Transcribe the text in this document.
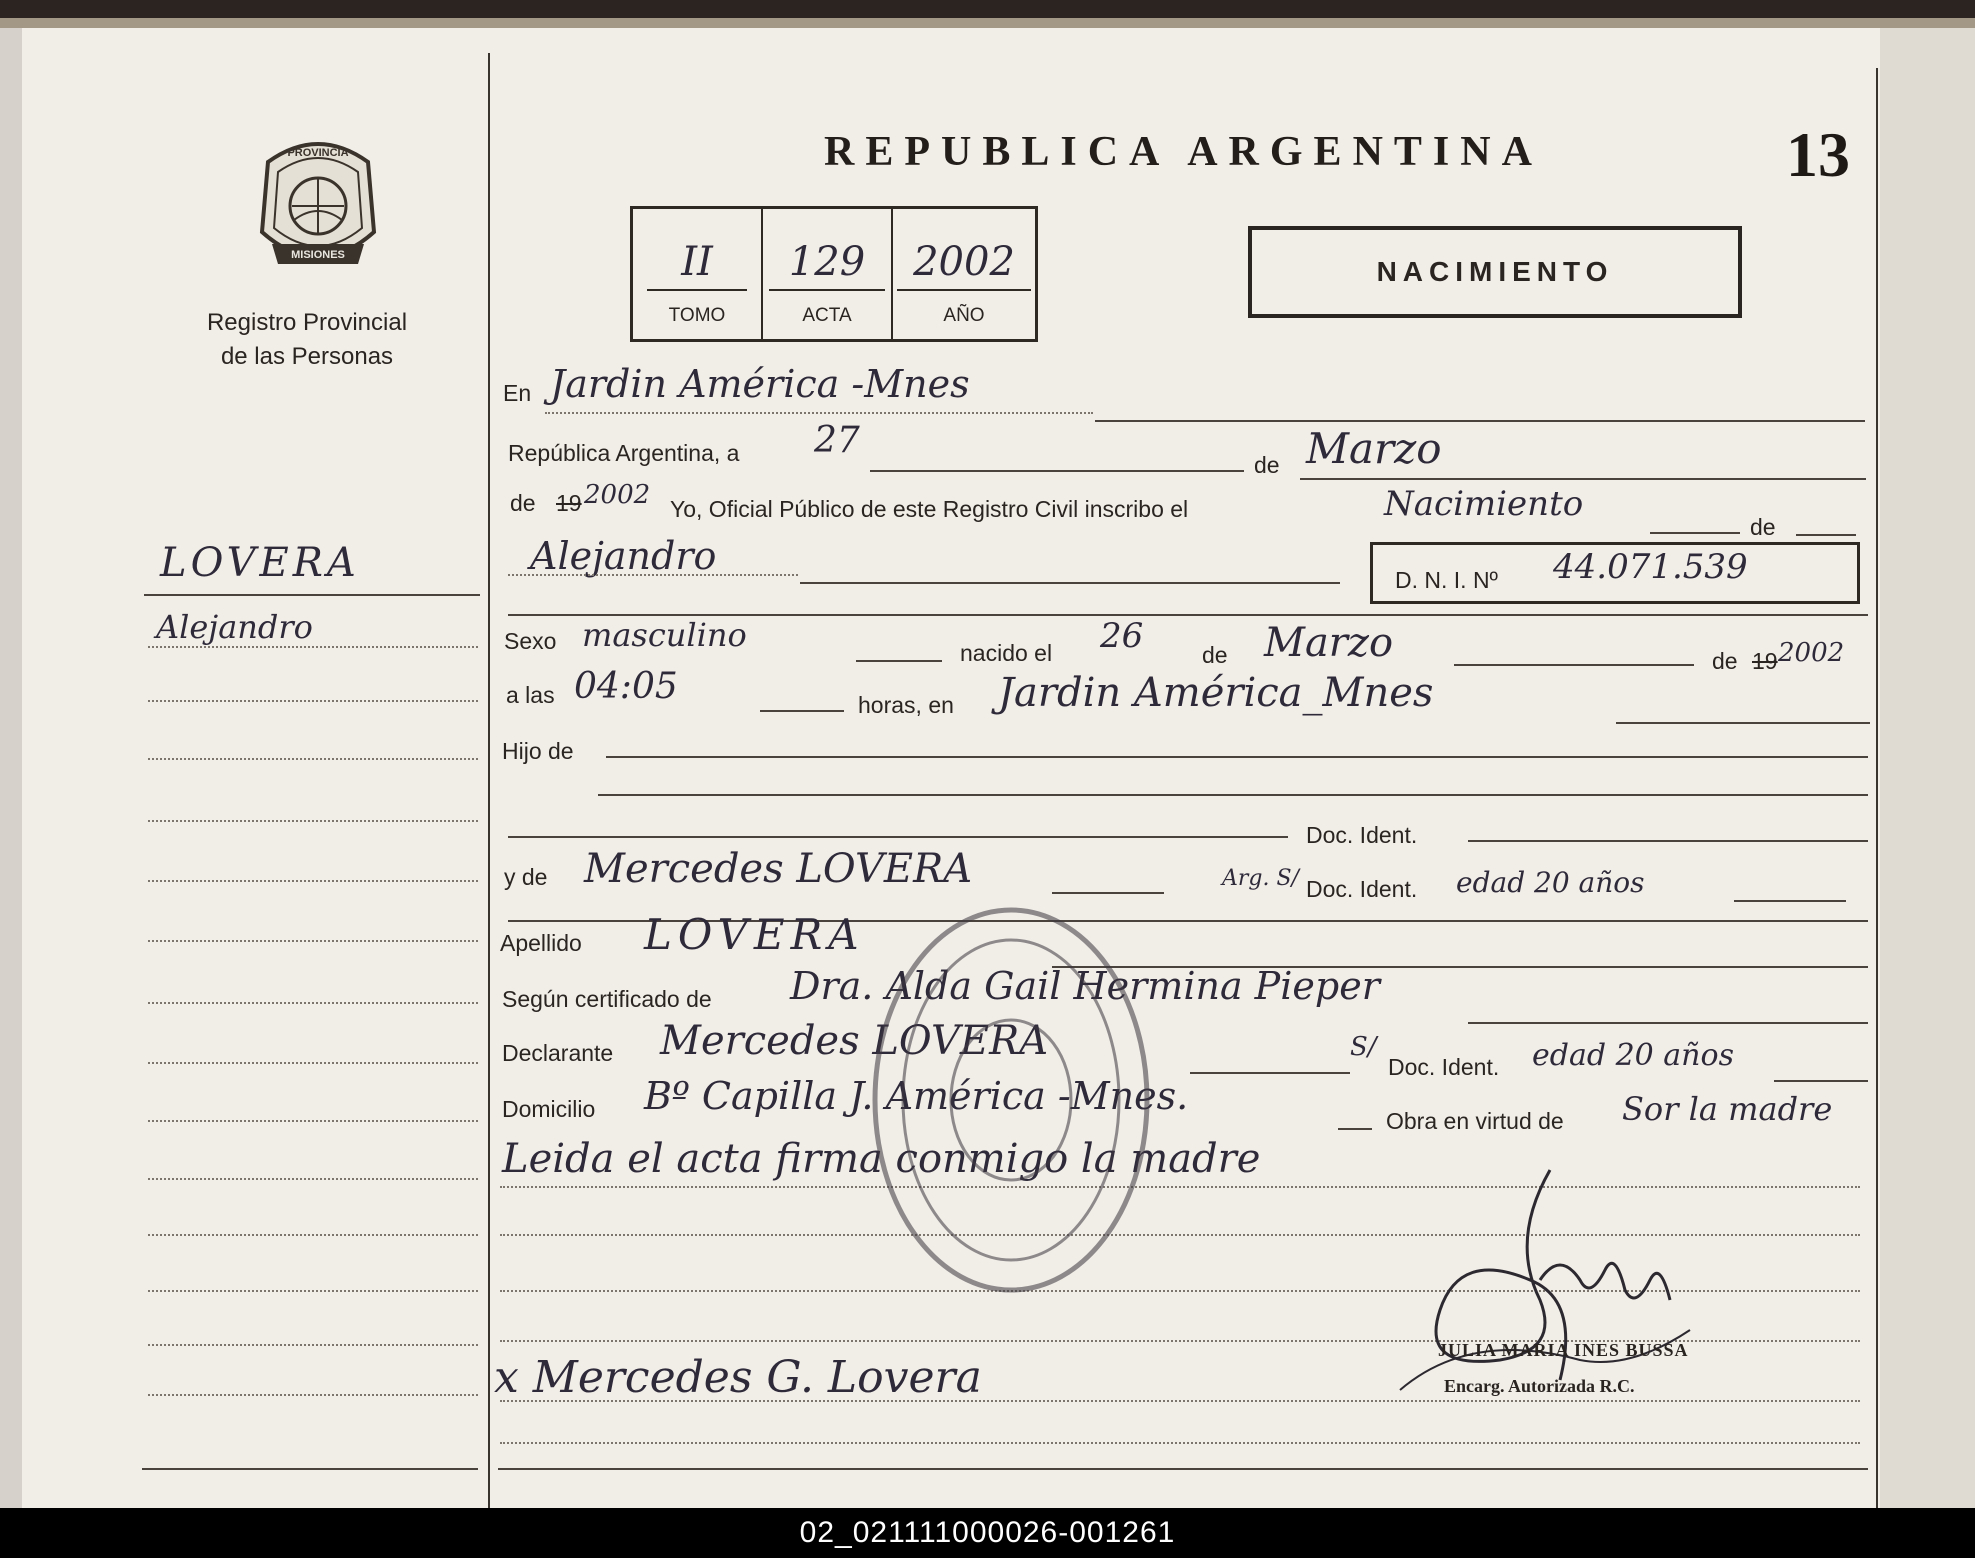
MISIONES
PROVINCIA
Registro Provincial
de las Personas
REPUBLICA ARGENTINA	13
II
TOMO
129
ACTA
2002
AÑO
NACIMIENTO
LOVERA
Alejandro
En Jardin América -Mnes
República Argentina, a 27
de Marzo
de 19 2002 Yo, Oficial Público de este Registro Civil inscribo el	Nacimiento
de
Alejandro
D. N. I. Nº 44.071.539
Sexo masculino	nacido el 26	de Marzo	de 19 2002
a las 04:05	horas, en Jardin América_Mnes
Hijo de
Doc. Ident.
y de Mercedes LOVERA	Arg. S/ Doc. Ident. edad 20 años
Apellido LOVERA
Según certificado de Dra. Alda Gail Hermina Pieper
Declarante Mercedes LOVERA	S/
Doc. Ident. edad 20 años
Domicilio Bº Capilla J. América -Mnes.
Obra en virtud de Sor la madre
Leida el acta firma conmigo la madre
x Mercedes G. Lovera
JULIA MARIA INES BUSSA
Encarg. Autorizada R.C.
02_021111000026-001261
